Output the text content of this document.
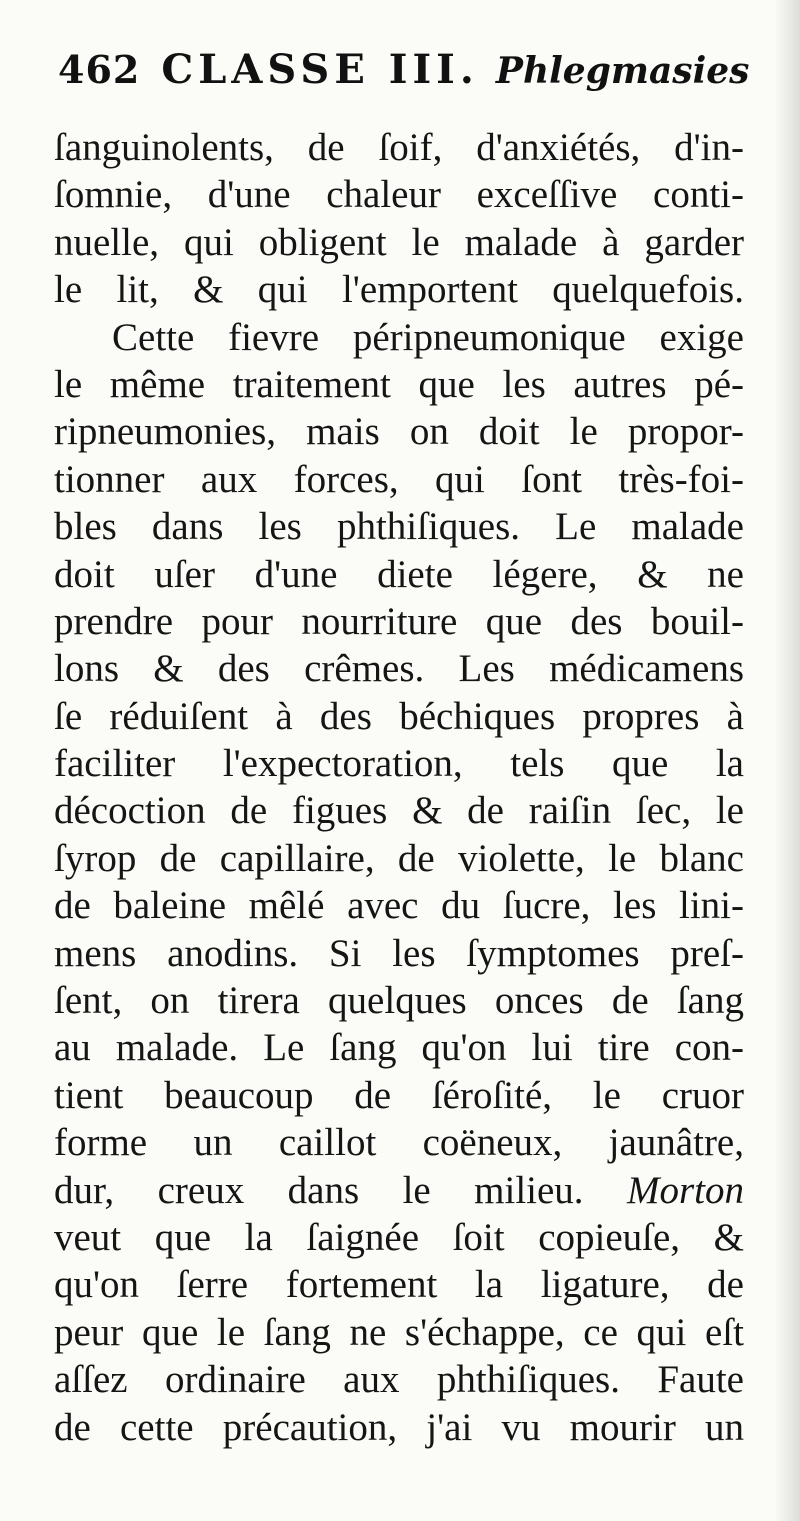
462 CLASSE III. Phlegmasies
ſanguinolents, de ſoif, d'anxiétés, d'in-
ſomnie, d'une chaleur exceſſive conti-
nuelle, qui obligent le malade à garder
le lit, & qui l'emportent quelquefois.
Cette fievre péripneumonique exige
le même traitement que les autres pé-
ripneumonies, mais on doit le propor-
tionner aux forces, qui ſont très-foi-
bles dans les phthiſiques. Le malade
doit uſer d'une diete légere, & ne
prendre pour nourriture que des bouil-
lons & des crêmes. Les médicamens
ſe réduiſent à des béchiques propres à
faciliter l'expectoration, tels que la
décoction de figues & de raiſin ſec, le
ſyrop de capillaire, de violette, le blanc
de baleine mêlé avec du ſucre, les lini-
mens anodins. Si les ſymptomes preſ-
ſent, on tirera quelques onces de ſang
au malade. Le ſang qu'on lui tire con-
tient beaucoup de ſéroſité, le cruor
forme un caillot coëneux, jaunâtre,
dur, creux dans le milieu. Morton
veut que la ſaignée ſoit copieuſe, &
qu'on ſerre fortement la ligature, de
peur que le ſang ne s'échappe, ce qui eſt
aſſez ordinaire aux phthiſiques. Faute
de cette précaution, j'ai vu mourir un
